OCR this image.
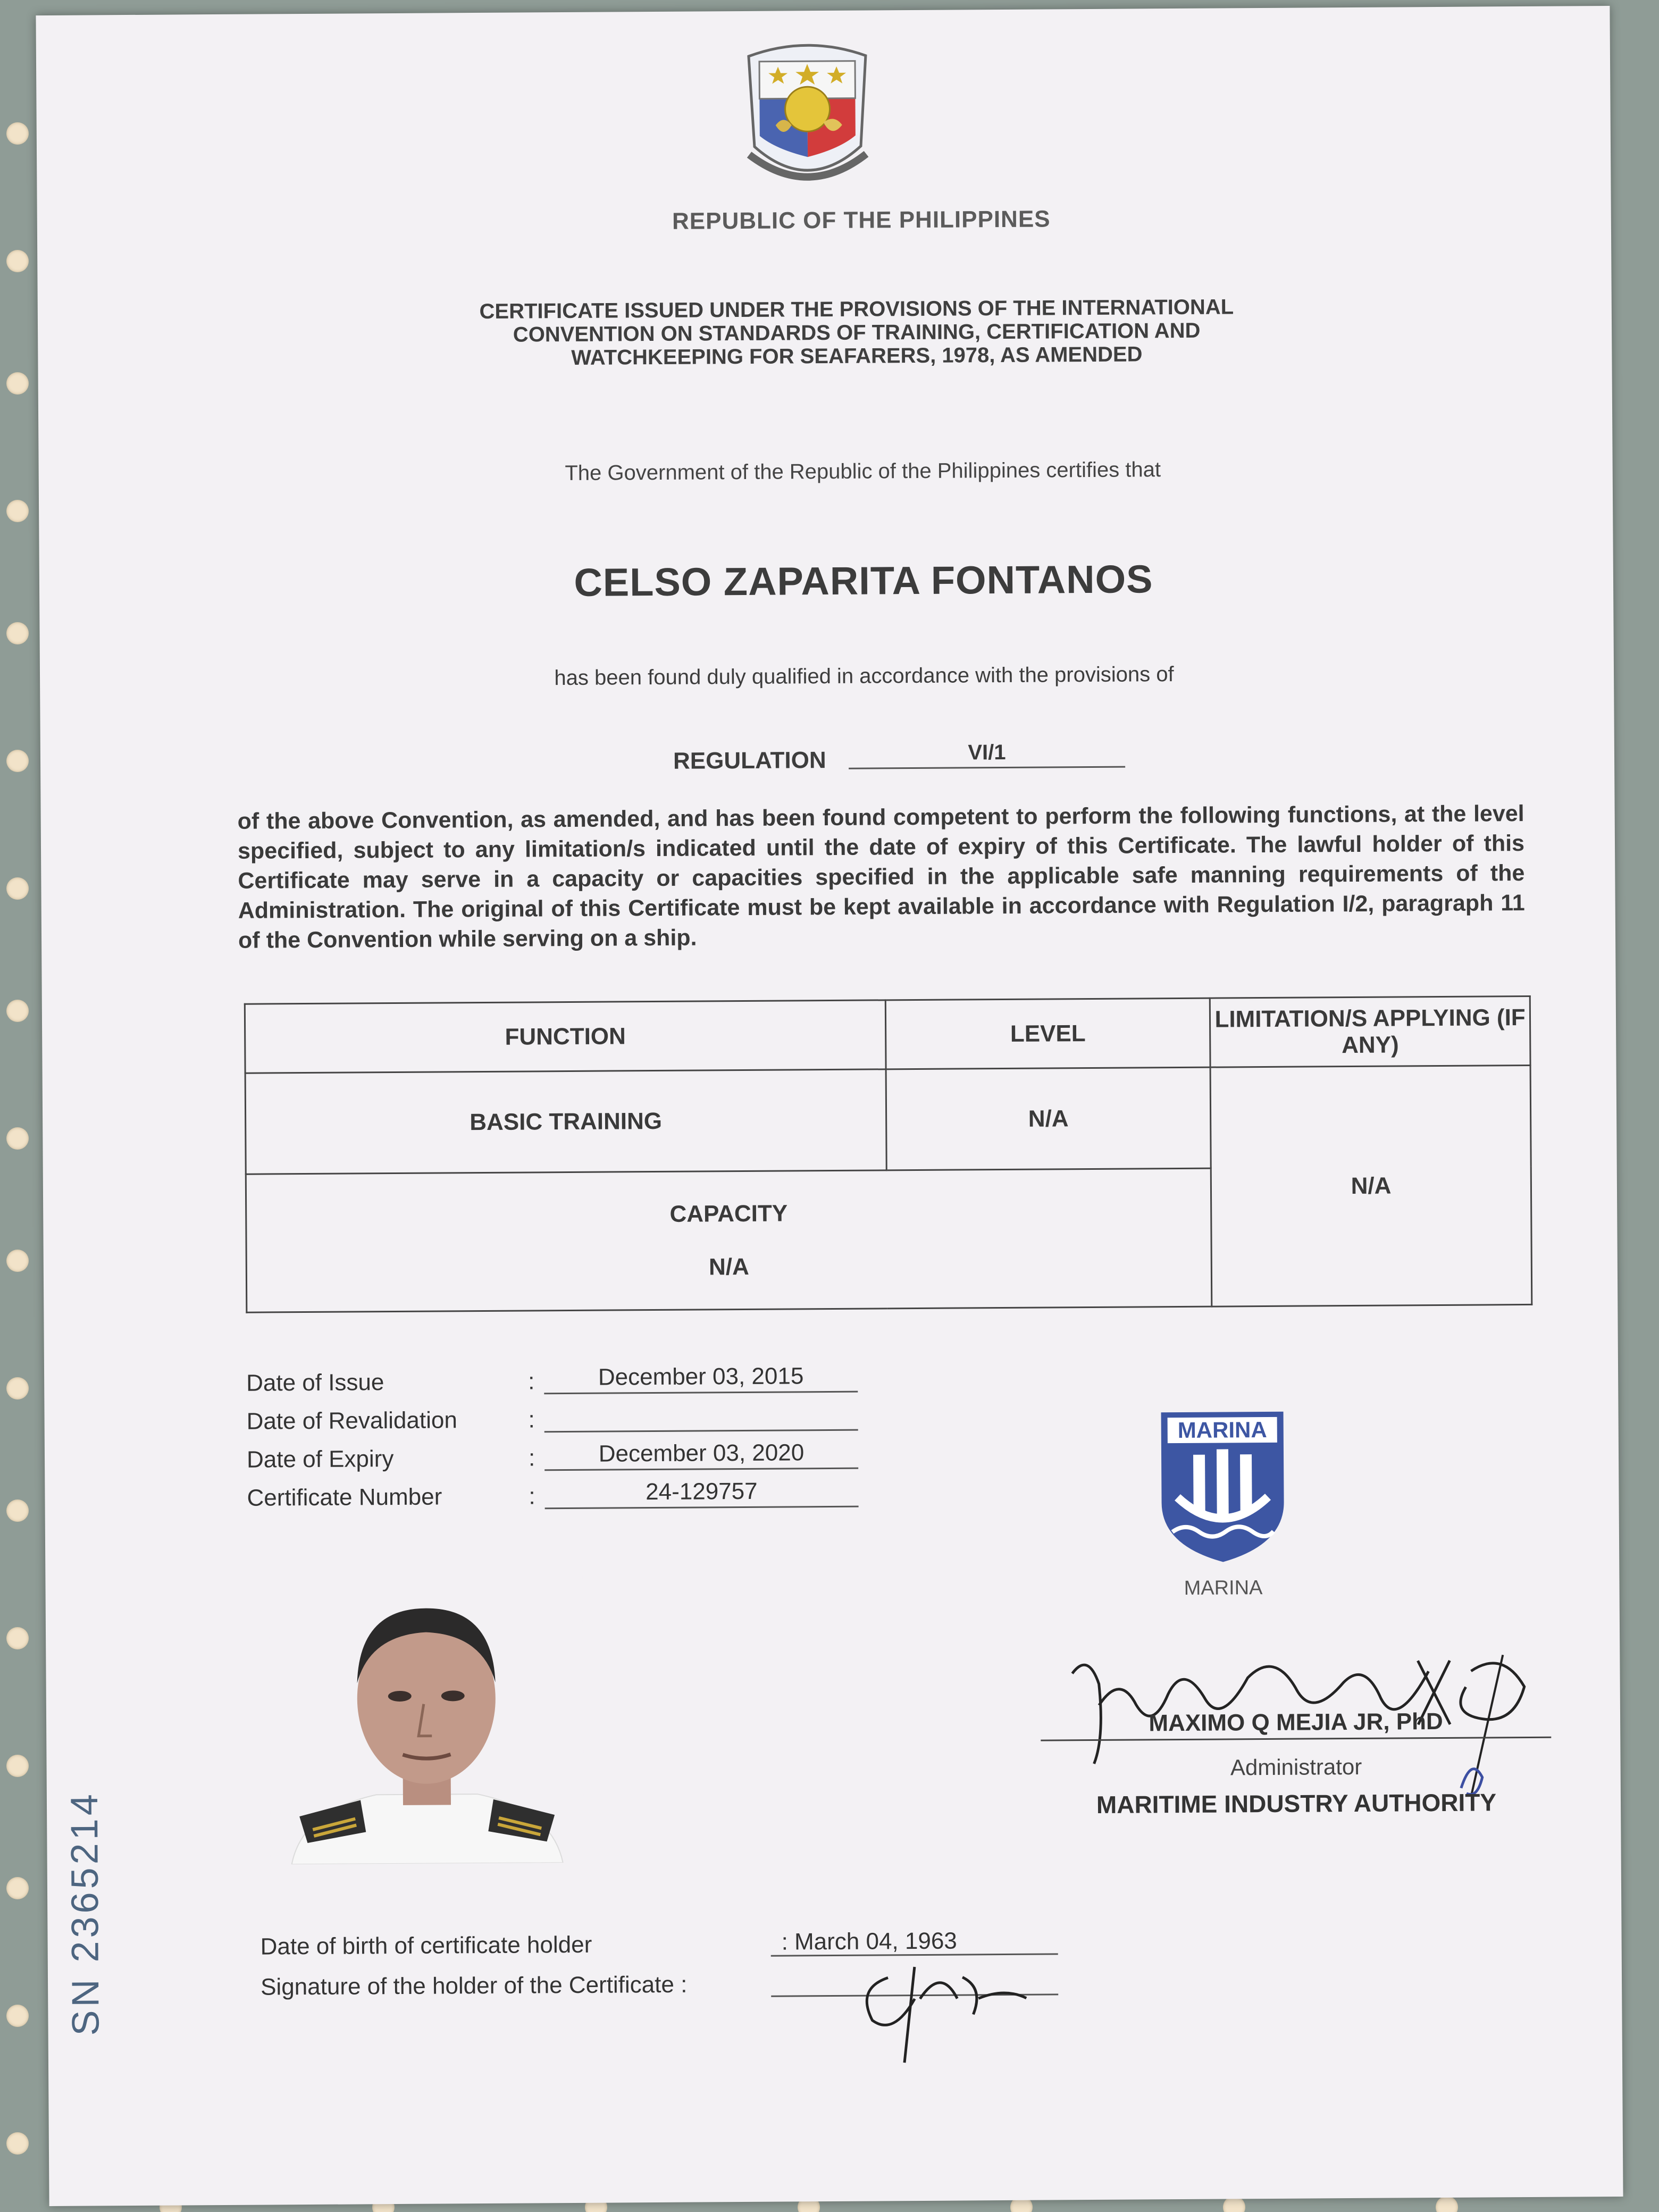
REPUBLIC OF THE PHILIPPINES
CERTIFICATE ISSUED UNDER THE PROVISIONS OF THE INTERNATIONAL
CONVENTION ON STANDARDS OF TRAINING, CERTIFICATION AND
WATCHKEEPING FOR SEAFARERS, 1978, AS AMENDED
The Government of the Republic of the Philippines certifies that
CELSO ZAPARITA FONTANOS
has been found duly qualified in accordance with the provisions of
REGULATION	VI/1
of the above Convention, as amended, and has been found competent to perform the following functions, at the level specified, subject to any limitation/s indicated until the date of expiry of this Certificate. The lawful holder of this Certificate may serve in a capacity or capacities specified in the applicable safe manning requirements of the Administration. The original of this Certificate must be kept available in accordance with Regulation I/2, paragraph 11 of the Convention while serving on a ship.
FUNCTION	LEVEL	LIMITATION/S APPLYING (IF ANY)
BASIC TRAINING	N/A	N/A

CAPACITY
N/A		
Date of Issue	:	December 03, 2015
Date of Revalidation	:
Date of Expiry	:	December 03, 2020
Certificate Number	:	24-129757
MARINA
MARINA
MAXIMO Q MEJIA JR, PhD
Administrator
MARITIME INDUSTRY AUTHORITY
Date of birth of certificate holder	: March 04, 1963
Signature of the holder of the Certificate :
SN 2365214
